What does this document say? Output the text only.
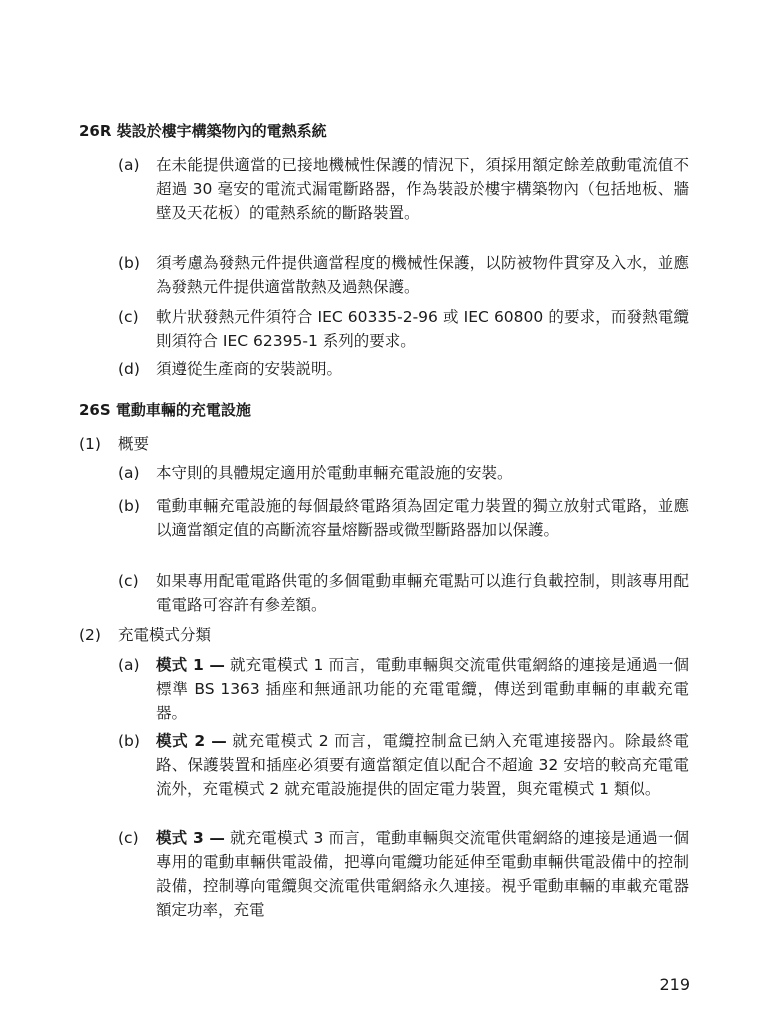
26R 裝設於樓宇構築物內的電熱系統
(a) 在未能提供適當的已接地機械性保護的情況下，須採用額定餘差啟動電流值不超過 30 毫安的電流式漏電斷路器，作為裝設於樓宇構築物內（包括地板、牆壁及天花板）的電熱系統的斷路裝置。
(b) 須考慮為發熱元件提供適當程度的機械性保護，以防被物件貫穿及入水，並應為發熱元件提供適當散熱及過熱保護。
(c) 軟片狀發熱元件須符合 IEC 60335-2-96 或 IEC 60800 的要求，而發熱電纜則須符合 IEC 62395-1 系列的要求。
(d) 須遵從生產商的安裝説明。
26S 電動車輛的充電設施
(1) 概要
(a) 本守則的具體規定適用於電動車輛充電設施的安裝。
(b) 電動車輛充電設施的每個最終電路須為固定電力裝置的獨立放射式電路，並應以適當額定值的高斷流容量熔斷器或微型斷路器加以保護。
(c) 如果專用配電電路供電的多個電動車輛充電點可以進行負載控制，則該專用配電電路可容許有參差額。
(2) 充電模式分類
(a) 模式 1 — 就充電模式 1 而言，電動車輛與交流電供電網絡的連接是通過一個標準 BS 1363 插座和無通訊功能的充電電纜，傳送到電動車輛的車載充電器。
(b) 模式 2 — 就充電模式 2 而言，電纜控制盒已納入充電連接器內。除最終電路、保護裝置和插座必須要有適當額定值以配合不超逾 32 安培的較高充電電流外，充電模式 2 就充電設施提供的固定電力裝置，與充電模式 1 類似。
(c) 模式 3 — 就充電模式 3 而言，電動車輛與交流電供電網絡的連接是通過一個專用的電動車輛供電設備，把導向電纜功能延伸至電動車輛供電設備中的控制設備，控制導向電纜與交流電供電網絡永久連接。視乎電動車輛的車載充電器額定功率，充電
219
